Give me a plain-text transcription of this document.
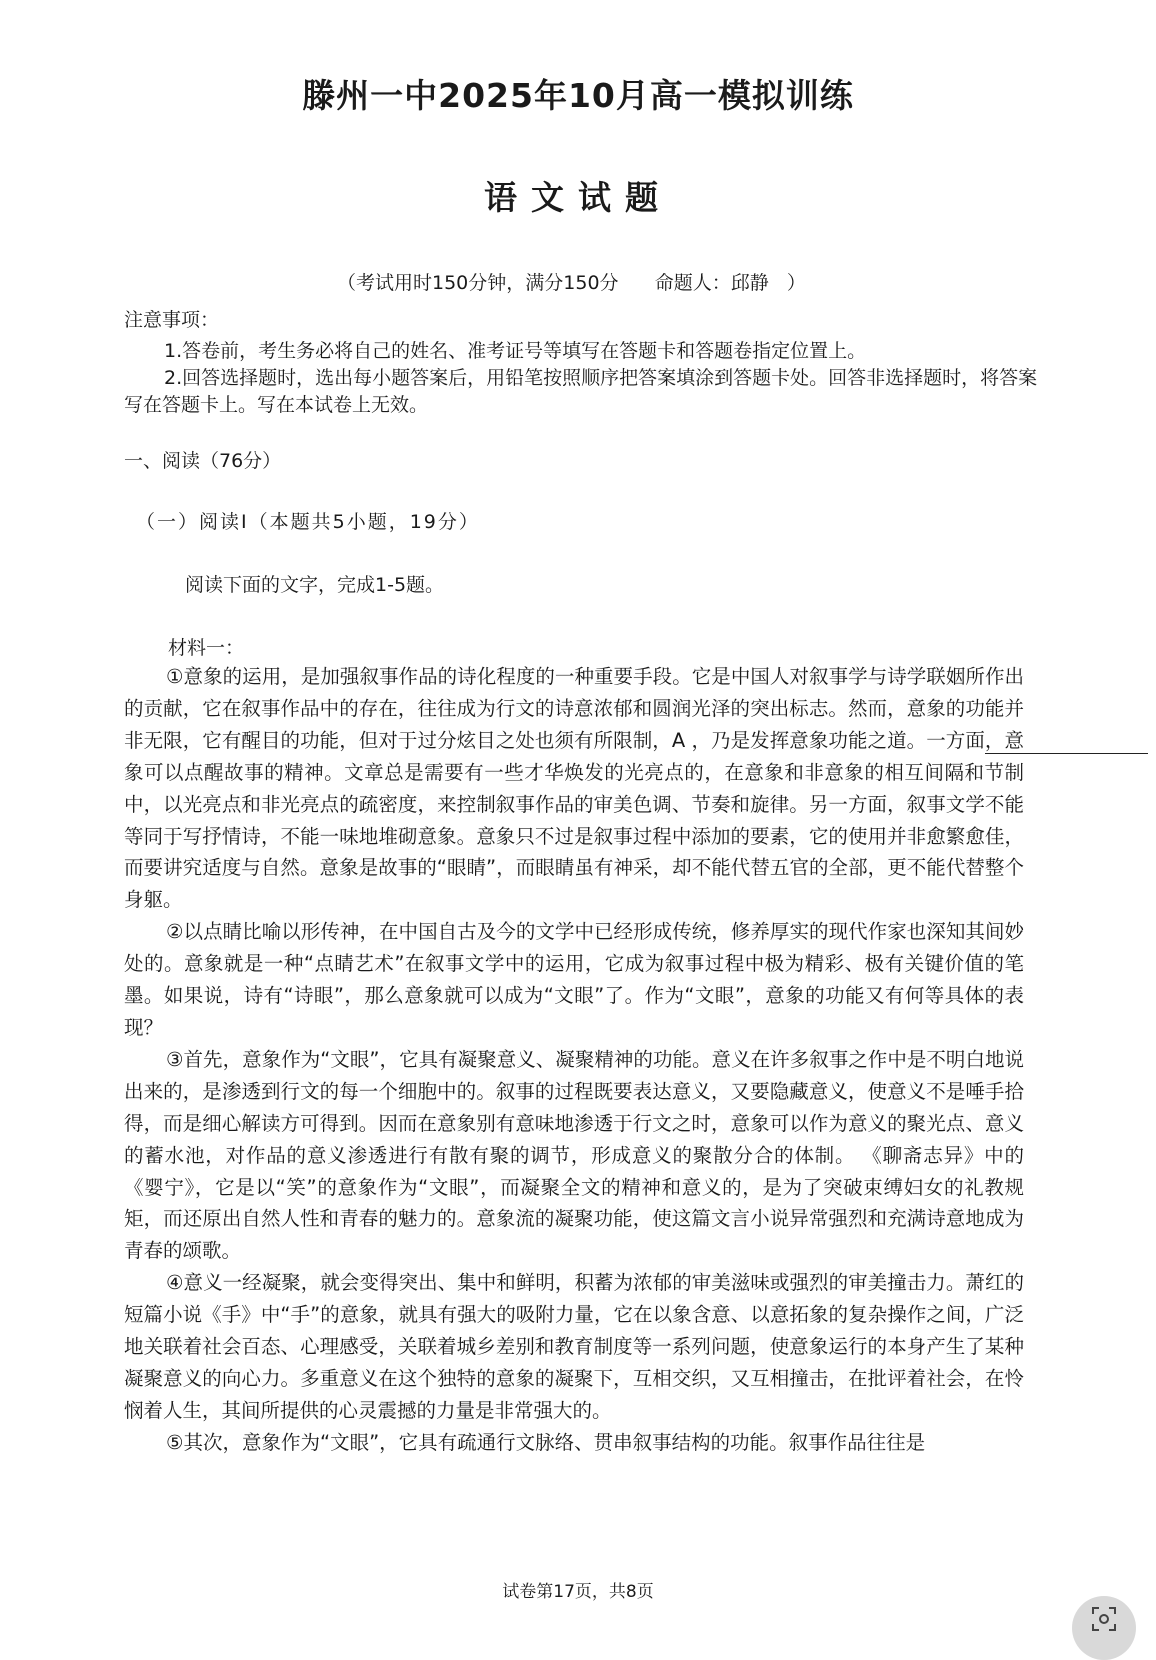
滕州一中2025年10月高一模拟训练
语文试题
（考试用时150分钟，满分150分      命题人：邱静   ）
注意事项：

1.答卷前，考生务必将自己的姓名、准考证号等填写在答题卡和答题卷指定位置上。

2.回答选择题时，选出每小题答案后，用铅笔按照顺序把答案填涂到答题卡处。回答非选择题时，将答案写在答题卡上。写在本试卷上无效。

一、阅读（76分）
（一）阅读Ⅰ（本题共5小题，19分）
阅读下面的文字，完成1-5题。
材料一：

①意象的运用，是加强叙事作品的诗化程度的一种重要手段。它是中国人对叙事学与诗学联姻所作出的贡献，它在叙事作品中的存在，往往成为行文的诗意浓郁和圆润光泽的突出标志。然而，意象的功能并非无限，它有醒目的功能，但对于过分炫目之处也须有所限制，A ，乃是发挥意象功能之道。一方面，意象可以点醒故事的精神。文章总是需要有一些才华焕发的光亮点的，在意象和非意象的相互间隔和节制中，以光亮点和非光亮点的疏密度，来控制叙事作品的审美色调、节奏和旋律。另一方面，叙事文学不能等同于写抒情诗，不能一味地堆砌意象。意象只不过是叙事过程中添加的要素，它的使用并非愈繁愈佳，而要讲究适度与自然。意象是故事的“眼睛”，而眼睛虽有神采，却不能代替五官的全部，更不能代替整个身躯。

②以点睛比喻以形传神，在中国自古及今的文学中已经形成传统，修养厚实的现代作家也深知其间妙处的。意象就是一种“点睛艺术”在叙事文学中的运用，它成为叙事过程中极为精彩、极有关键价值的笔墨。如果说，诗有“诗眼”，那么意象就可以成为“文眼”了。作为“文眼”，意象的功能又有何等具体的表现？

③首先，意象作为“文眼”，它具有凝聚意义、凝聚精神的功能。意义在许多叙事之作中是不明白地说出来的，是渗透到行文的每一个细胞中的。叙事的过程既要表达意义，又要隐藏意义，使意义不是唾手拾得，而是细心解读方可得到。因而在意象别有意味地渗透于行文之时，意象可以作为意义的聚光点、意义的蓄水池，对作品的意义渗透进行有散有聚的调节，形成意义的聚散分合的体制。 《聊斋志异》中的《婴宁》，它是以“笑”的意象作为“文眼”，而凝聚全文的精神和意义的，是为了突破束缚妇女的礼教规矩，而还原出自然人性和青春的魅力的。意象流的凝聚功能，使这篇文言小说异常强烈和充满诗意地成为青春的颂歌。

④意义一经凝聚，就会变得突出、集中和鲜明，积蓄为浓郁的审美滋味或强烈的审美撞击力。萧红的短篇小说《手》中“手”的意象，就具有强大的吸附力量，它在以象含意、以意拓象的复杂操作之间，广泛地关联着社会百态、心理感受，关联着城乡差别和教育制度等一系列问题，使意象运行的本身产生了某种凝聚意义的向心力。多重意义在这个独特的意象的凝聚下，互相交织，又互相撞击，在批评着社会，在怜悯着人生，其间所提供的心灵震撼的力量是非常强大的。

⑤其次，意象作为“文眼”，它具有疏通行文脉络、贯串叙事结构的功能。叙事作品往往是

试卷第17页，共8页
